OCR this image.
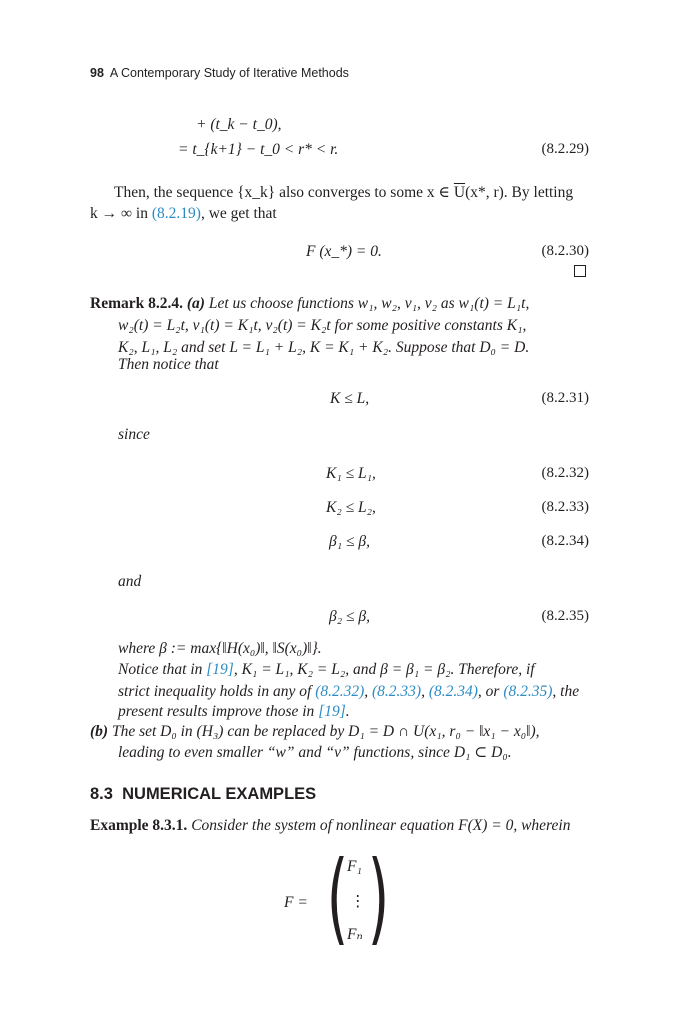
98 A Contemporary Study of Iterative Methods
+ (t_k − t_0),
= t_{k+1} − t_0 < r* < r.	(8.2.29)
Then, the sequence {x_k} also converges to some x ∈ $\overline{U}(x*$, r). By letting
k → ∞ in (8.2.19), we get that
F (x_*) = 0.	(8.2.30)
Remark 8.2.4. (a) Let us choose functions w₁, w₂, v₁, v₂ as w₁(t) = L₁t,
w₂(t) = L₂t, v₁(t) = K₁t, v₂(t) = K₂t for some positive constants K₁,
K₂, L₁, L₂ and set L = L₁ + L₂, K = K₁ + K₂. Suppose that D₀ = D.
Then notice that
K ≤ L,	(8.2.31)
since
K₁ ≤ L₁,	(8.2.32)
K₂ ≤ L₂,	(8.2.33)
β₁ ≤ β,	(8.2.34)
and
β₂ ≤ β,	(8.2.35)
where β := max{‖H(x₀)‖, ‖S(x₀)‖}.
Notice that in [19], K₁ = L₁, K₂ = L₂, and β = β₁ = β₂. Therefore, if
strict inequality holds in any of (8.2.32), (8.2.33), (8.2.34), or (8.2.35), the
present results improve those in [19].
(b) The set D₀ in (H₃) can be replaced by D₁ = D ∩ U(x₁, r₀ − ‖x₁ − x₀‖),
leading to even smaller “w” and “v” functions, since D₁ ⊂ D₀.
8.3 NUMERICAL EXAMPLES
Example 8.3.1. Consider the system of nonlinear equation F(X) = 0, wherein
F = ( )
F₁
⋮
Fₙ
